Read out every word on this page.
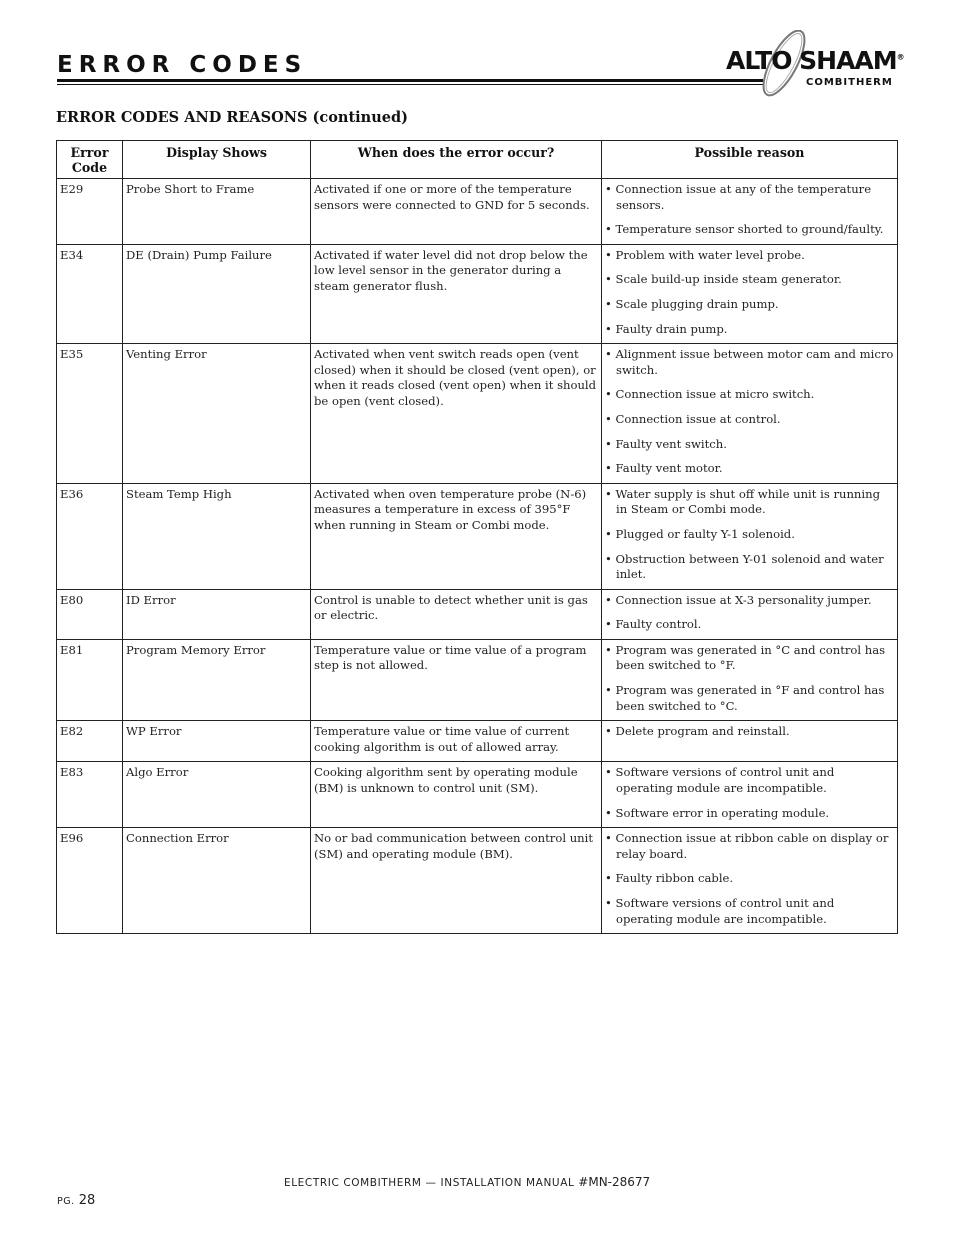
ERROR CODES	ALTO SHAAM®
COMBITHERM
ERROR CODES AND REASONS (continued)
Error Code	Display Shows	When does the error occur?	Possible reason
E29	Probe Short to Frame	Activated if one or more of the temperature sensors were connected to GND for 5 seconds.	• Connection issue at any of the temperature sensors.
• Temperature sensor shorted to ground/faulty.

E34	DE (Drain) Pump Failure	Activated if water level did not drop below the low level sensor in the generator during a steam generator flush.	• Problem with water level probe.
• Scale build-up inside steam generator.
• Scale plugging drain pump.
• Faulty drain pump.

E35	Venting Error	Activated when vent switch reads open (vent closed) when it should be closed (vent open), or when it reads closed (vent open) when it should be open (vent closed).	• Alignment issue between motor cam and micro switch.
• Connection issue at micro switch.
• Connection issue at control.
• Faulty vent switch.
• Faulty vent motor.

E36	Steam Temp High	Activated when oven temperature probe (N-6) measures a temperature in excess of 395°F when running in Steam or Combi mode.	• Water supply is shut off while unit is running in Steam or Combi mode.
• Plugged or faulty Y-1 solenoid.
• Obstruction between Y-01 solenoid and water inlet.

E80	ID Error	Control is unable to detect whether unit is gas or electric.	• Connection issue at X-3 personality jumper.
• Faulty control.

E81	Program Memory Error	Temperature value or time value of a program step is not allowed.	• Program was generated in °C and control has been switched to °F.
• Program was generated in °F and control has been switched to °C.

E82	WP Error	Temperature value or time value of current cooking algorithm is out of allowed array.	• Delete program and reinstall.

E83	Algo Error	Cooking algorithm sent by operating module (BM) is unknown to control unit (SM).	• Software versions of control unit and operating module are incompatible.
• Software error in operating module.

E96	Connection Error	No or bad communication between control unit (SM) and operating module (BM).	• Connection issue at ribbon cable on display or relay board.
• Faulty ribbon cable.
• Software versions of control unit and operating module are incompatible.
ELECTRIC COMBITHERM — INSTALLATION MANUAL #MN-28677
PG. 28
